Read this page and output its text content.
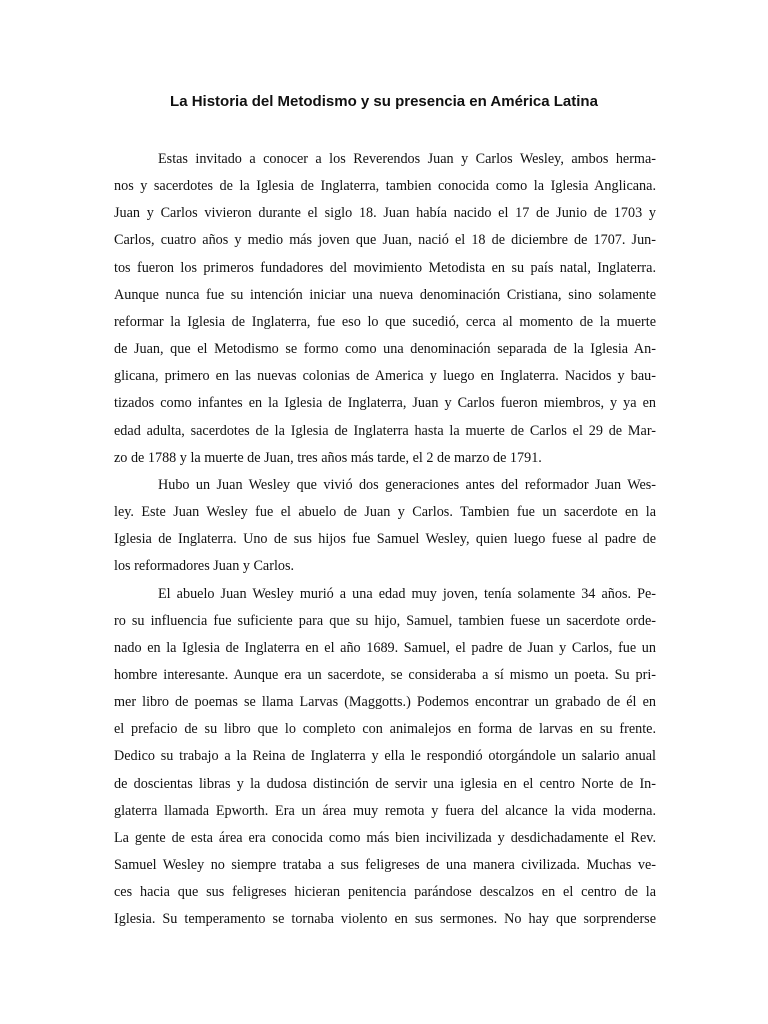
La Historia del Metodismo y su presencia en América Latina
Estas invitado a conocer a los Reverendos Juan y Carlos Wesley, ambos herma-
nos y sacerdotes de la Iglesia de Inglaterra, tambien conocida como la Iglesia Anglicana.
Juan y Carlos vivieron durante el siglo 18. Juan había nacido el 17 de Junio de 1703 y
Carlos, cuatro años y medio más joven que Juan, nació el 18 de diciembre de 1707. Jun-
tos fueron los primeros fundadores del movimiento Metodista en su país natal, Inglaterra.
Aunque nunca fue su intención iniciar una nueva denominación Cristiana, sino solamente
reformar la Iglesia de Inglaterra, fue eso lo que sucedió, cerca al momento de la muerte
de Juan, que el Metodismo se formo como una denominación separada de la Iglesia An-
glicana, primero en las nuevas colonias de America y luego en Inglaterra. Nacidos y bau-
tizados como infantes en la Iglesia de Inglaterra, Juan y Carlos fueron miembros, y ya en
edad adulta, sacerdotes de la Iglesia de Inglaterra hasta la muerte de Carlos el 29 de Mar-
zo de 1788 y la muerte de Juan, tres años más tarde, el 2 de marzo de 1791.
Hubo un Juan Wesley que vivió dos generaciones antes del reformador Juan Wes-
ley. Este Juan Wesley fue el abuelo de Juan y Carlos. Tambien fue un sacerdote en la
Iglesia de Inglaterra. Uno de sus hijos fue Samuel Wesley, quien luego fuese al padre de
los reformadores Juan y Carlos.
El abuelo Juan Wesley murió a una edad muy joven, tenía solamente 34 años. Pe-
ro su influencia fue suficiente para que su hijo, Samuel, tambien fuese un sacerdote orde-
nado en la Iglesia de Inglaterra en el año 1689. Samuel, el padre de Juan y Carlos, fue un
hombre interesante. Aunque era un sacerdote, se consideraba a sí mismo un poeta. Su pri-
mer libro de poemas se llama Larvas (Maggotts.) Podemos encontrar un grabado de él en
el prefacio de su libro que lo completo con animalejos en forma de larvas en su frente.
Dedico su trabajo a la Reina de Inglaterra y ella le respondió otorgándole un salario anual
de doscientas libras y la dudosa distinción de servir una iglesia en el centro Norte de In-
glaterra llamada Epworth. Era un área muy remota y fuera del alcance la vida moderna.
La gente de esta área era conocida como más bien incivilizada y desdichadamente el Rev.
Samuel Wesley no siempre trataba a sus feligreses de una manera civilizada. Muchas ve-
ces hacia que sus feligreses hicieran penitencia parándose descalzos en el centro de la
Iglesia. Su temperamento se tornaba violento en sus sermones. No hay que sorprenderse
